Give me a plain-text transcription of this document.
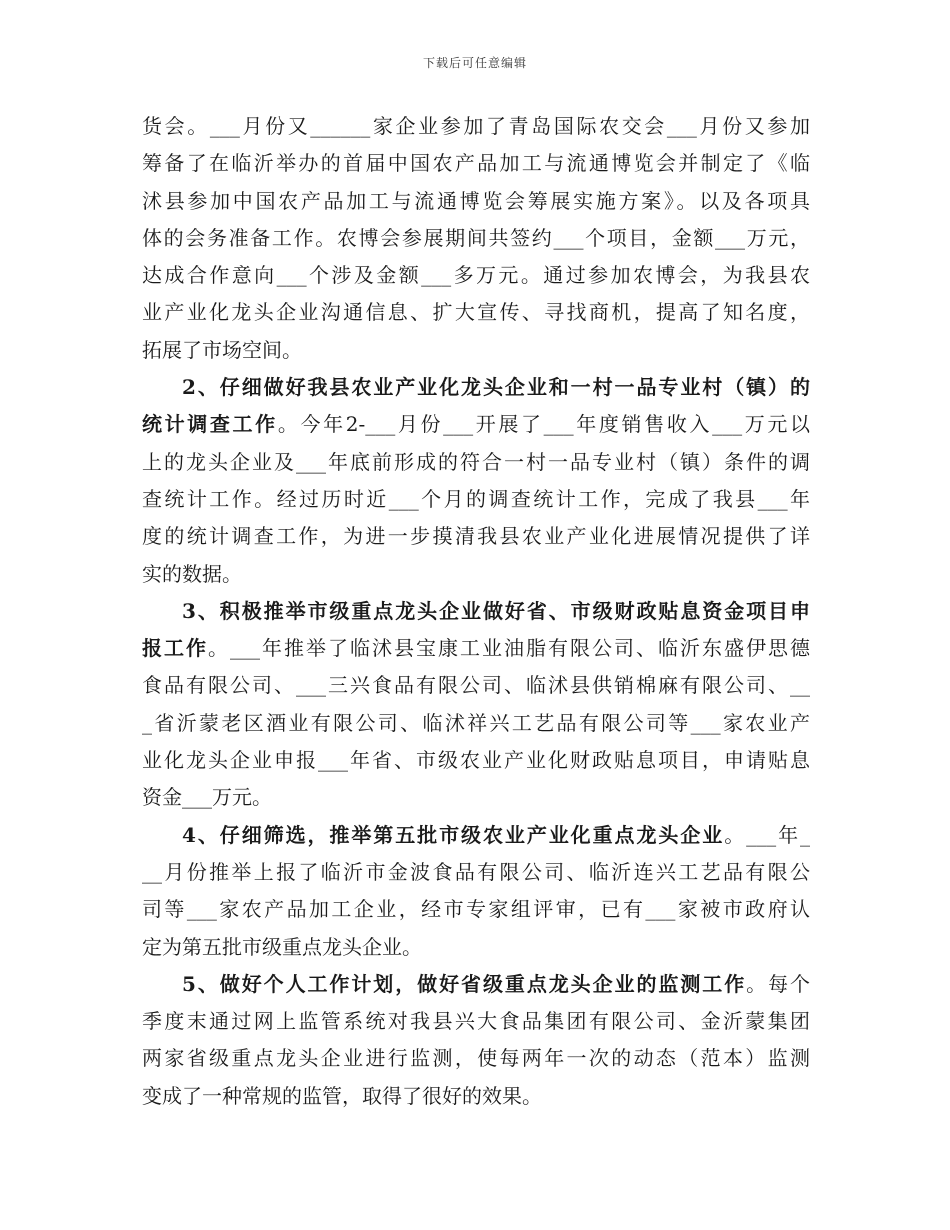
下载后可任意编辑
货会。___月份又______家企业参加了青岛国际农交会___月份又参加
筹备了在临沂举办的首届中国农产品加工与流通博览会并制定了《临
沭县参加中国农产品加工与流通博览会筹展实施方案》。以及各项具
体的会务准备工作。农博会参展期间共签约___个项目，金额___万元，
达成合作意向___个涉及金额___多万元。通过参加农博会，为我县农
业产业化龙头企业沟通信息、扩大宣传、寻找商机，提高了知名度，
拓展了市场空间。
2、仔细做好我县农业产业化龙头企业和一村一品专业村（镇）的
统计调查工作。今年2-___月份___开展了___年度销售收入___万元以
上的龙头企业及___年底前形成的符合一村一品专业村（镇）条件的调
查统计工作。经过历时近___个月的调查统计工作，完成了我县___年
度的统计调查工作，为进一步摸清我县农业产业化进展情况提供了详
实的数据。
3、积极推举市级重点龙头企业做好省、市级财政贴息资金项目申
报工作。___年推举了临沭县宝康工业油脂有限公司、临沂东盛伊思德
食品有限公司、___三兴食品有限公司、临沭县供销棉麻有限公司、__
_省沂蒙老区酒业有限公司、临沭祥兴工艺品有限公司等___家农业产
业化龙头企业申报___年省、市级农业产业化财政贴息项目，申请贴息
资金___万元。
4、仔细筛选，推举第五批市级农业产业化重点龙头企业。___年_
__月份推举上报了临沂市金波食品有限公司、临沂连兴工艺品有限公
司等___家农产品加工企业，经市专家组评审，已有___家被市政府认
定为第五批市级重点龙头企业。
5、做好个人工作计划，做好省级重点龙头企业的监测工作。每个
季度末通过网上监管系统对我县兴大食品集团有限公司、金沂蒙集团
两家省级重点龙头企业进行监测，使每两年一次的动态（范本）监测
变成了一种常规的监管，取得了很好的效果。
